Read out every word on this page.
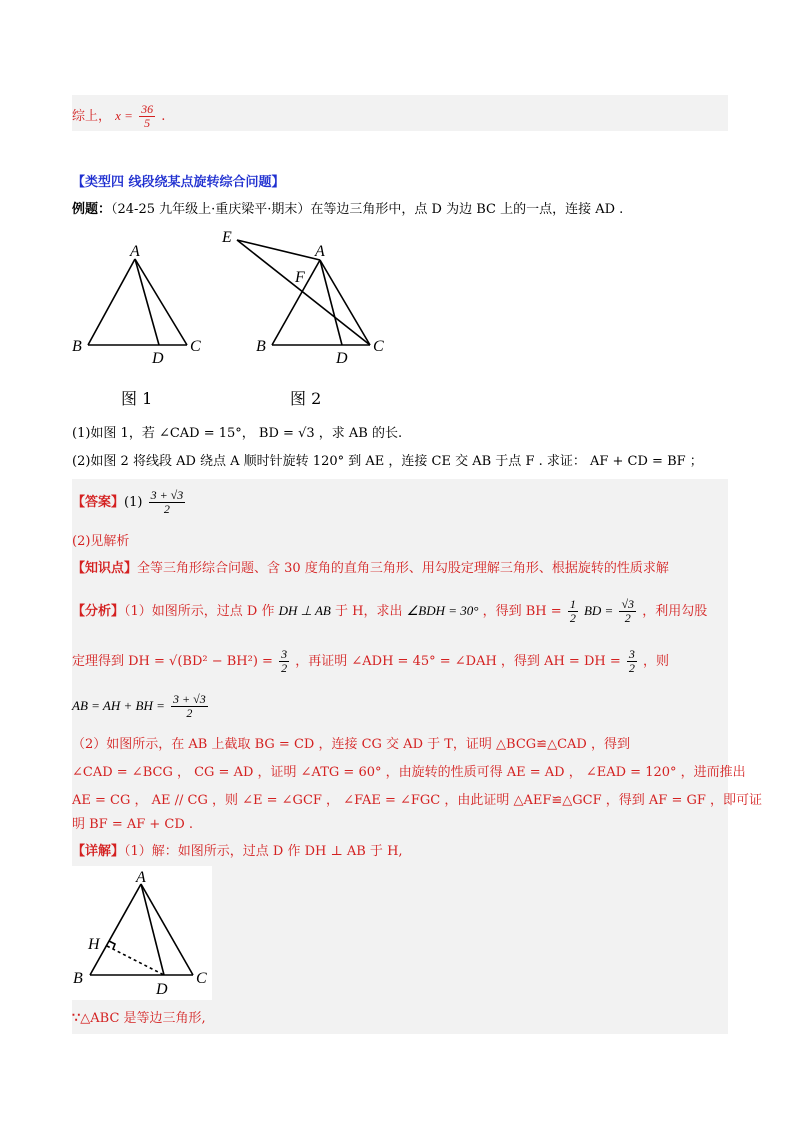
综上， $x = \frac{36}{5}$ .
【类型四 线段绕某点旋转综合问题】
例题：（24-25 九年级上·重庆梁平·期末）在等边三角形中，点 D 为边 BC 上的一点，连接 AD .
A
B	C
D
图 1
E
A
F
B	C
D
图 2
(1)如图 1，若 ∠CAD = 15°， BD = √3 ，求 AB 的长.
(2)如图 2 将线段 AD 绕点 A 顺时针旋转 120° 到 AE ，连接 CE 交 AB 于点 F . 求证： AF + CD = BF ；
【答案】$(1) \frac{3 + √3}{2}$
(2)见解析
【知识点】全等三角形综合问题、含 30 度角的直角三角形、用勾股定理解三角形、根据旋转的性质求解
【分析】（1）如图所示，过点 D 作 DH ⊥ AB 于 H，求出 ∠BDH = 30° ，得到 BH = $\frac{1}{2}$ BD = $\frac{√3}{2}$ ，利用勾股
定理得到 DH = $√(BD^2 - BH^2) = \frac{3}{2}$ ，再证明 ∠ADH = 45° = ∠DAH ，得到 AH = DH = $\frac{3}{2}$ ，则
AB = AH + BH = $\frac{3 + √3}{2}$
（2）如图所示，在 AB 上截取 BG = CD ，连接 CG 交 AD 于 T，证明 △BCG≌△CAD ，得到
∠CAD = ∠BCG ， CG = AD ，证明 ∠ATG = 60° ，由旋转的性质可得 AE = AD ， ∠EAD = 120° ，进而推出
AE = CG ， AE // CG ，则 ∠E = ∠GCF ， ∠FAE = ∠FGC ，由此证明 △AEF≌△GCF ，得到 AF = GF ，即可证
明 BF = AF + CD .
【详解】（1）解：如图所示，过点 D 作 DH ⊥ AB 于 H,
A
H
B	C
D
∵△ABC 是等边三角形,
